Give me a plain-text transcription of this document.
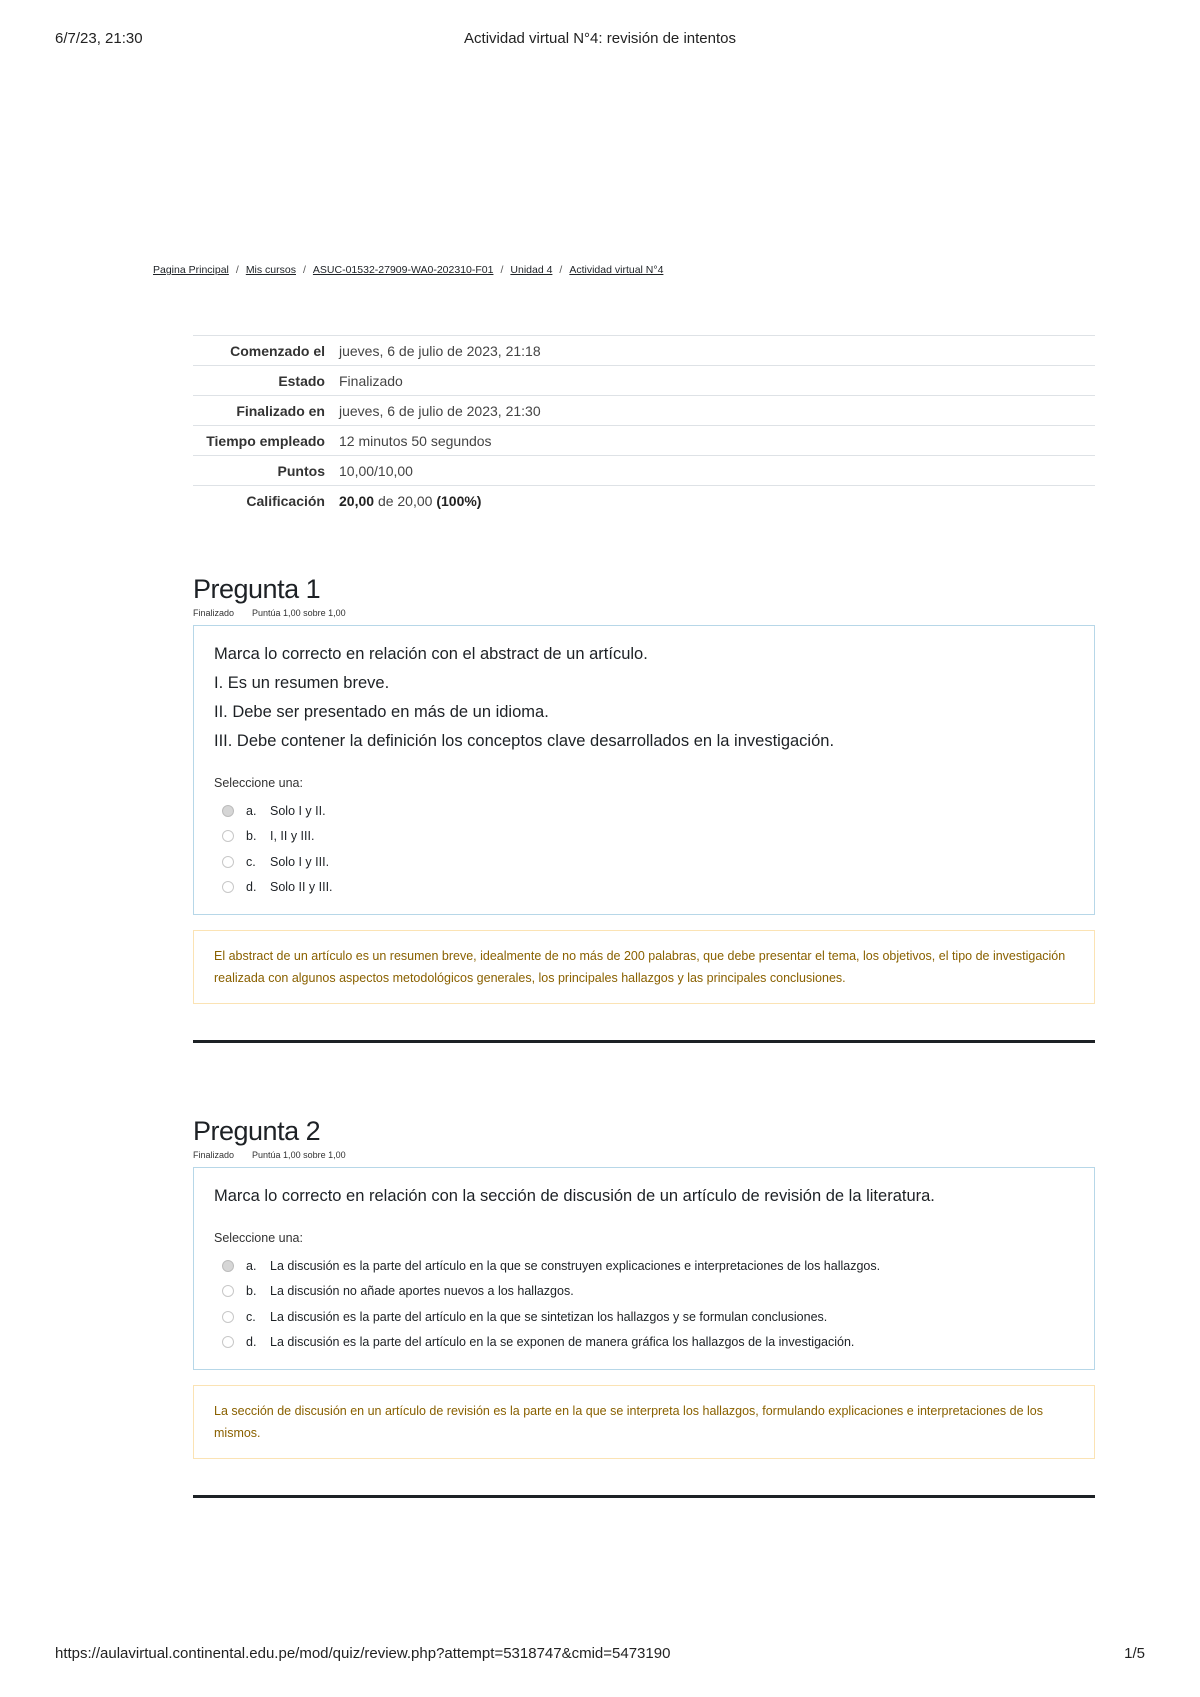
6/7/23, 21:30	Actividad virtual N°4: revisión de intentos
Pagina Principal / Mis cursos / ASUC-01532-27909-WA0-202310-F01 / Unidad 4 / Actividad virtual N°4
Comenzado el	jueves, 6 de julio de 2023, 21:18
Estado	Finalizado
Finalizado en	jueves, 6 de julio de 2023, 21:30
Tiempo empleado	12 minutos 50 segundos
Puntos	10,00/10,00
Calificación	20,00 de 20,00 (100%)
Pregunta 1
Finalizado Puntúa 1,00 sobre 1,00

Marca lo correcto en relación con el abstract de un artículo.

I. Es un resumen breve.

II. Debe ser presentado en más de un idioma.

III. Debe contener la definición los conceptos clave desarrollados en la investigación.

Seleccione una:
a.	Solo I y II.
b.	I, II y III.
c.	Solo I y III.
d.	Solo II y III.
El abstract de un artículo es un resumen breve, idealmente de no más de 200 palabras, que debe presentar el tema, los objetivos, el tipo de investigación realizada con algunos aspectos metodológicos generales, los principales hallazgos y las principales conclusiones.
Pregunta 2
Finalizado Puntúa 1,00 sobre 1,00

Marca lo correcto en relación con la sección de discusión de un artículo de revisión de la literatura.

Seleccione una:
a.	La discusión es la parte del artículo en la que se construyen explicaciones e interpretaciones de los hallazgos.
b.	La discusión no añade aportes nuevos a los hallazgos.
c.	La discusión es la parte del artículo en la que se sintetizan los hallazgos y se formulan conclusiones.
d.	La discusión es la parte del artículo en la se exponen de manera gráfica los hallazgos de la investigación.
La sección de discusión en un artículo de revisión es la parte en la que se interpreta los hallazgos, formulando explicaciones e interpretaciones de los mismos.
https://aulavirtual.continental.edu.pe/mod/quiz/review.php?attempt=5318747&cmid=5473190	1/5
